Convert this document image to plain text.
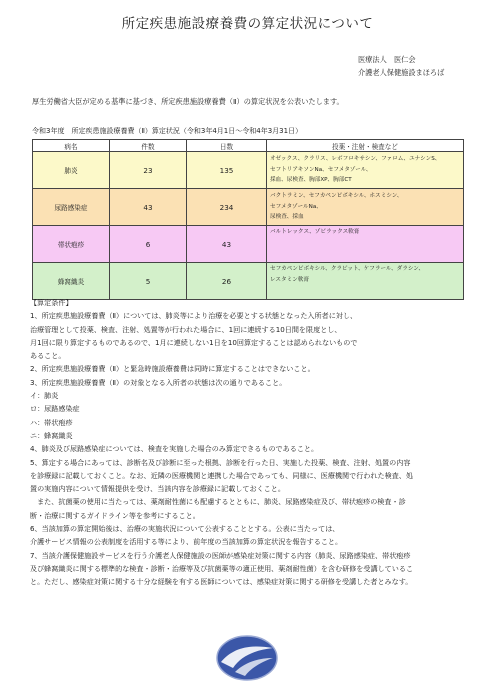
所定疾患施設療養費の算定状況について
医療法人　医仁会
介護老人保健施設まほろば
厚生労働省大臣が定める基準に基づき、所定疾患施設療養費（Ⅱ）の算定状況を公表いたします。
令和3年度　所定疾患施設療養費（Ⅱ）算定状況（令和3年4月1日～令和4年3月31日）
病名	件数	日数	投薬・注射・検査など
肺炎	23	135	オゼックス、クラリス、レボフロキサシン、ファロム、ユナシンS、
セフトリアキソンNa、セフメタゾール、
採血、尿検査、胸部XP、胸部CT

尿路感染症	43	234	バクトラミン、セフカペンピボキシル、ホスミシン、
セフメタゾールNa、
尿検査、採血

帯状疱疹	6	43	バルトレックス、ゾビラックス軟膏

蜂窩織炎	5	26	セフカペンピボキシル、クラビット、ケフラール、ダラシン、
レスタミン軟膏
【算定条件】
1、所定疾患施設療養費（Ⅱ）については、肺炎等により治療を必要とする状態となった入所者に対し、
治療管理として投薬、検査、注射、処置等が行われた場合に、1回に連続する10日間を限度とし、
月1回に限り算定するものであるので、1月に連続しない1日を10回算定することは認められないもので
あること。
2、所定疾患施設療養費（Ⅱ）と緊急時施設療養費は同時に算定することはできないこと。
3、所定疾患施設療養費（Ⅱ）の対象となる入所者の状態は次の通りであること。
イ：肺炎
ロ：尿路感染症
ハ：帯状疱疹
ニ：蜂窩織炎
4、肺炎及び尿路感染症については、検査を実施した場合のみ算定できるものであること。
5、算定する場合にあっては、診断名及び診断に至った根拠、診断を行った日、実施した投薬、検査、注射、処置の内容
を診療録に記載しておくこと。なお、近隣の医療機関と連携した場合であっても、同様に、医療機関で行われた検査、処
置の実施内容について情報提供を受け、当該内容を診療録に記載しておくこと。
　また、抗菌薬の使用に当たっては、薬剤耐性菌にも配慮するとともに、肺炎、尿路感染症及び、帯状疱疹の検査・診
断・治療に関するガイドライン等を参考にすること。
6、当該加算の算定開始後は、治療の実施状況について公表することとする。公表に当たっては、
介護サービス情報の公表制度を活用する等により、前年度の当該加算の算定状況を報告すること。
7、当該介護保健施設サービスを行う介護老人保健施設の医師が感染症対策に関する内容（肺炎、尿路感染症、帯状疱疹
及び蜂窩織炎に関する標準的な検査・診断・治療等及び抗菌薬等の適正使用、薬剤耐性菌）を含む研修を受講しているこ
と。ただし、感染症対策に関する十分な経験を有する医師については、感染症対策に関する研修を受講した者とみなす。
